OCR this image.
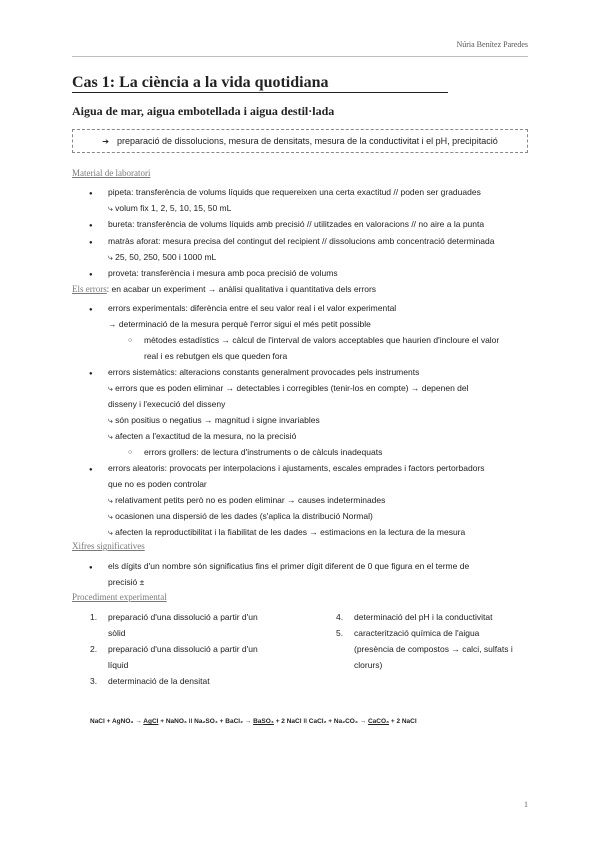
Núria Benítez Paredes
Cas 1: La ciència a la vida quotidiana
Aigua de mar, aigua embotellada i aigua destil·lada
➔ preparació de dissolucions, mesura de densitats, mesura de la conductivitat i el pH, precipitació
Material de laboratori
● pipeta: transferència de volums líquids que requereixen una certa exactitud // poden ser graduades
⤷ volum fix 1, 2, 5, 10, 15, 50 mL
● bureta: transferència de volums líquids amb precisió // utilitzades en valoracions // no aire a la punta
● matràs aforat: mesura precisa del contingut del recipient // dissolucions amb concentració determinada
⤷ 25, 50, 250, 500 i 1000 mL
● proveta: transferència i mesura amb poca precisió de volums
Els errors: en acabar un experiment → anàlisi qualitativa i quantitativa dels errors
● errors experimentals: diferència entre el seu valor real i el valor experimental
→ determinació de la mesura perquè l'error sigui el més petit possible
○ mètodes estadístics → càlcul de l'interval de valors acceptables que haurien d'incloure el valor
real i es rebutgen els que queden fora
● errors sistemàtics: alteracions constants generalment provocades pels instruments
⤷ errors que es poden eliminar → detectables i corregibles (tenir-los en compte) → depenen del
disseny i l'execució del disseny
⤷ són positius o negatius → magnitud i signe invariables
⤷ afecten a l'exactitud de la mesura, no la precisió
○ errors grollers: de lectura d'instruments o de càlculs inadequats
● errors aleatoris: provocats per interpolacions i ajustaments, escales emprades i factors pertorbadors
que no es poden controlar
⤷ relativament petits però no es poden eliminar → causes indeterminades
⤷ ocasionen una dispersió de les dades (s'aplica la distribució Normal)
⤷ afecten la reproductibilitat i la fiabilitat de les dades → estimacions en la lectura de la mesura
Xifres significatives
● els dígits d'un nombre són significatius fins el primer dígit diferent de 0 que figura en el terme de
precisió ±
Procediment experimental
1. preparació d'una dissolució a partir d'un
sòlid
2. preparació d'una dissolució a partir d'un
líquid
3. determinació de la densitat
4. determinació del pH i la conductivitat
5. caracterització química de l'aigua
(presència de compostos → calci, sulfats i
clorurs)
NaCl + AgNO₃ → AgCl + NaNO₃ ǀǀ Na₂SO₄ + BaCl₂ → BaSO₄ + 2 NaCl ǀǀ CaCl₂ + Na₂CO₃ → CaCO₃ + 2 NaCl
1
